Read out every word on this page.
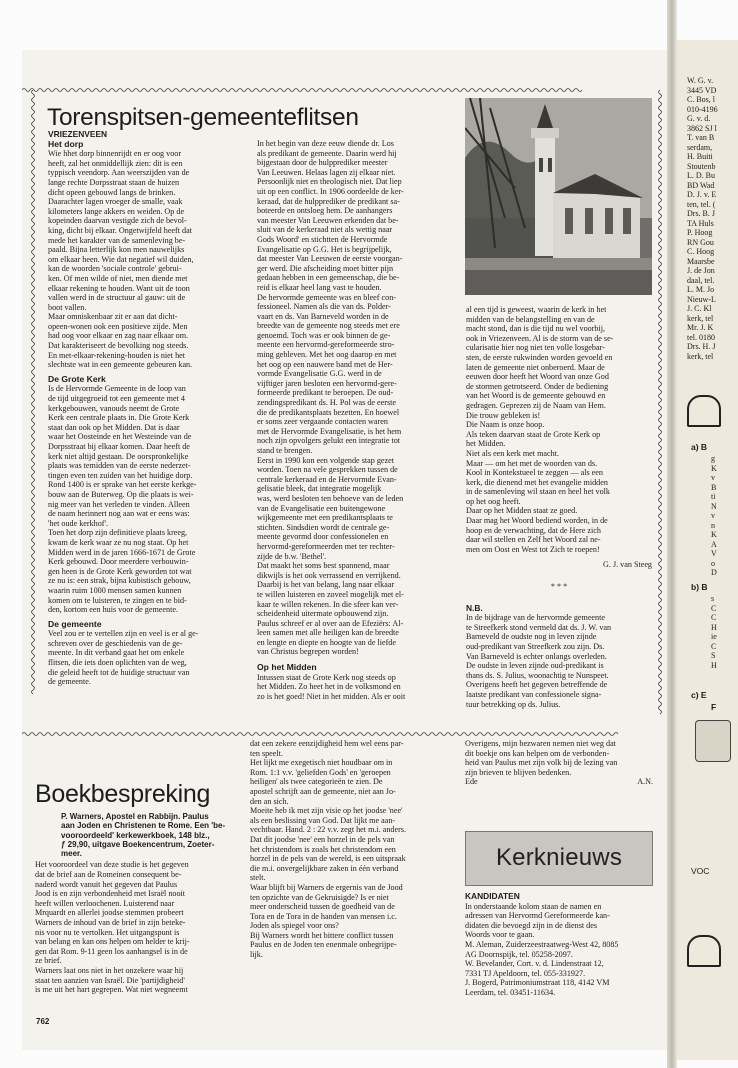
Torenspitsen-gemeenteflitsen
VRIEZENVEEN
Het dorp
Wie hhet dorp binnenrijdt en er oog voor
heeft, zal het onmiddellijk zien: dit is een
typpisch veendorp. Aan weerszijden van de
lange rechte Dorpsstraat staan de huizen
dicht opeen gebouwd langs de brinken.
Daarachter lagen vroeger de smalle, vaak
kilometers lange akkers en weiden. Op de
kopeinden daarvan vestigde zich de bevol-
king, dicht bij elkaar. Ongetwijfeld heeft dat
mede het karakter van de samenleving be-
paald. Bijna letterlijk kon men nauwelijks
om elkaar heen. Wie dat negatief wil duiden,
kan de woorden 'sociale controle' gebrui-
ken. Of men wilde of niet, men diende met
elkaar rekening te houden. Want uit de toon
vallen werd in de structuur al gauw: uit de
boot vallen.
Maar omniskenbaar zit er aan dat dicht-
opeen-wonen ook een positieve zijde. Men
had oog voor elkaar en zag naar elkaar om.
Dat karakteriseert de bevolking nog steeds.
En met-elkaar-rekening-houden is niet het
slechtste wat in een gemeente gebeuren kan.
De Grote Kerk
Is de Hervormde Gemeente in de loop van
de tijd uitgegroeid tot een gemeente met 4
kerkgebouwen, vanouds neemt de Grote
Kerk een centrale plaats in. Die Grote Kerk
staat dan ook op het Midden. Dat is daar
waar het Oosteinde en het Westeinde van de
Dorpsstraat bij elkaar komen. Daar heeft de
kerk niet altijd gestaan. De oorspronkelijke
plaats was temidden van de eerste nederzet-
tingen even ten zuiden van het huidige dorp.
Rond 1400 is er sprake van het eerste kerkge-
bouw aan de Buterweg. Op die plaats is wei-
nig meer van het verleden te vinden. Alleen
de naam herinnert nog aan wat er eens was:
'het oude kerkhof'.
Toen het dorp zijn definitieve plaats kreeg,
kwam de kerk waar ze nu nog staat. Op het
Midden werd in de jaren 1666-1671 de Grote
Kerk gebouwd. Door meerdere verbouwin-
gen heen is de Grote Kerk geworden tot wat
ze nu is: een strak, bijna kubistisch gebouw,
waarin ruim 1000 mensen samen kunnen
komen om te luisteren, te zingen en te bid-
den, kortom een huis voor de gemeente.
De gemeente
Veel zou er te vertellen zijn en veel is er al ge-
schreven over de geschiedenis van de ge-
meente. In dit verband gaat het om enkele
flitsen, die iets doen oplichten van de weg,
die geleid heeft tot de huidige structuur van
de gemeente.
In het begin van deze eeuw diende dr. Los
als predikant de gemeente. Daarin werd hij
bijgestaan door de hulpprediker meester
Van Leeuwen. Helaas lagen zij elkaar niet.
Persoonlijk niet en theologisch niet. Dat liep
uit op een conflict. In 1906 oordeelde de ker-
keraad, dat de hulpprediker de predikant sa-
boteerde en ontsloeg hem. De aanhangers
van meester Van Leeuwen erkenden dat be-
sluit van de kerkeraad niet als wettig naar
Gods Woord' en stichtten de Hervormde
Evangelisatie op G.G. Het is begrijpelijk,
dat meester Van Leeuwen de eerste voorgan-
ger werd. Die afscheiding moet bitter pijn
gedaan hebben in een gemeenschap, die be-
reid is elkaar heel lang vast te houden.
De hervormde gemeente was en bleef con-
fessioneel. Namen als die van ds. Polder-
vaart en ds. Van Barneveld worden in de
breedte van de gemeente nog steeds met ere
genoemd. Toch was er ook binnen de ge-
meente een hervormd-gereformeerde stro-
ming gebleven. Met het oog daarop en met
het oog op een nauwere band met de Her-
vormde Evangelisatie G.G. werd in de
vijftiger jaren besloten een hervormd-gere-
formeerde predikant te beroepen. De oud-
zendingspredikant ds. H. Pol was de eerste
die de predikantsplaats bezetten. En hoewel
er soms zeer vergaande contacten waren
met de Hervormde Evangelisatie, is het hem
noch zijn opvolgers gelukt een integratie tot
stand te brengen.
Eerst in 1990 kon een volgende stap gezet
worden. Toen na vele gesprekken tussen de
centrale kerkeraad en de Hervormde Evan-
gelisatie bleek, dat integratie mogelijk
was, werd besloten ten behoeve van de leden
van de Evangelisatie een buitengewone
wijkgemeente met een predikantsplaats te
stichten. Sindsdien wordt de centrale ge-
meente gevormd door confessionelen en
hervormd-gereformeerden met ter rechter-
zijde de b.w. 'Bethel'.
Dat maakt het soms best spannend, maar
dikwijls is het ook verrassend en verrijkend.
Daarbij is het van belang, lang naar elkaar
te willen luisteren en zoveel mogelijk met el-
kaar te willen rekenen. In die sfeer kan ver-
scheidenheid uitermate opbouwend zijn.
Paulus schreef er al over aan de Efeziërs: Al-
leen samen met alle heiligen kan de breedte
en lengte en diepte en hoogte van de liefde
van Christus begrepen worden!
Op het Midden
Intussen staat de Grote Kerk nog steeds op
het Midden. Zo heet het in de volksmond en
zo is het goed! Niet in het midden. Als er ooit
al een tijd is geweest, waarin de kerk in het
midden van de belangstelling en van de
macht stond, dan is die tijd nu wel voorbij,
ook in Vriezenveen. Al is de storm van de se-
cularisatie hier nog niet ten volle losgebar-
sten, de eerste rukwinden worden gevoeld en
laten de gemeente niet onberoerd. Maar de
eeuwen door heeft het Woord van onze God
de stormen getrotseerd. Onder de bediening
van het Woord is de gemeente gebouwd en
gedragen. Geprezen zij de Naam van Hem.
Die trouw gebleken is!
Die Naam is onze hoop.
Als teken daarvan staat de Grote Kerk op
het Midden.
Niet als een kerk met macht.
Maar — om het met de woorden van ds.
Kool in Kontekstueel te zeggen — als een
kerk, die dienend met het evangelie midden
in de samenleving wil staan en heel het volk
op het oog heeft.
Daar op het Midden staat ze goed.
Daar mag het Woord bediend worden, in de
hoop en de verwachting, dat de Here zich
daar wil stellen en Zelf het Woord zal ne-
men om Oost en West tot Zich te roepen!

G. J. van Steeg

* * *

N.B.
In de bijdrage van de hervormde gemeente
te Streefkerk stond vermeld dat ds. J. W. van
Barneveld de oudste nog in leven zijnde
oud-predikant van Streefkerk zou zijn. Ds.
Van Barneveld is echter onlangs overleden.
De oudste in leven zijnde oud-predikant is
thans ds. S. Julius, woonachtig te Nunspeet.
Overigens heeft het gegeven betreffende de
laatste predikant van confessionele signa-
tuur betrekking op ds. Julius.
Boekbespreking
P. Warners, Apostel en Rabbijn. Paulus
aan Joden en Christenen te Rome. Een 'be-
vooroordeeld' kerkewerkboek, 148 blz.,
ƒ 29,90, uitgave Boekencentrum, Zoeter-
meer.
Het vooroordeel van deze studie is het gegeven
dat de brief aan de Romeinen consequent be-
naderd wordt vanuit het gegeven dat Paulus
Jood is en zijn verbondenheid met Israël nooit
heeft willen verloochenen. Luisterend naar
Mrquardt en allerlei joodse stemmen probeert
Warners de inhoud van de brief in zijn beteke-
nis voor nu te vertolken. Het uitgangspunt is
van belang en kan ons helpen om helder te krij-
gen dat Rom. 9-11 geen los aanhangsel is in de
ze brief.
Warners laat ons niet in het onzekere waar hij
staat ten aanzien van Israël. Die 'partijdigheid'
is me uit het hart gegrepen. Wat niet wegneemt
dat een zekere eenzijdigheid hem wel eens par-
ten speelt.
Het lijkt me exegetisch niet houdbaar om in
Rom. 1:1 v.v. 'geliefden Gods' en 'geroepen
heiligen' als twee categorieën te zien. De
apostel schrijft aan de gemeente, niet aan Jo-
den an sich.
Moeite heb ik met zijn visie op het joodse 'nee'
als een beslissing van God. Dat lijkt me aan-
vechtbaar. Hand. 2 : 22 v.v. zegt het m.i. anders.
Dat dit joodse 'nee' een horzel in de pels van
het christendom is zoals het christendom een
horzel in de pels van de wereld, is een uitspraak
die m.i. onvergelijkbare zaken in één verband
stelt.
Waar blijft bij Warners de ergernis van de Jood
ten opzichte van de Gekruisigde? Is er niet
meer onderscheid tussen de goedheid van de
Tora en de Tora in de handen van mensen i.c.
Joden als spiegel voor ons?
Bij Warners wordt het bittere conflict tussen
Paulus en de Joden ten enenmale onbegrijpe-
lijk.
Overigens, mijn bezwaren nemen niet weg dat
dit boekje ons kan helpen om de verbonden-
heid van Paulus met zijn volk bij de lezing van
zijn brieven te blijven bedenken.
Ede	A.N.
Kerknieuws
KANDIDATEN
In onderstaande kolom staan de namen en
adressen van Hervormd Gereformeerde kan-
didaten die bevoegd zijn in de dienst des
Woords voor te gaan.
M. Aleman, Zuiderzeestraatweg-West 42, 8085
AG Doornspijk, tel. 05258-2097.
W. Bevelander, Cort. v. d. Lindenstraat 12,
7331 TJ Apeldoorn, tel. 055-331927.
J. Bogerd, Patrimoniumstraat 118, 4142 VM
Leerdam, tel. 03451-11634.
762
W. G. v.
3445 VD
C. Bos, l
010-4196
G. v. d.
3862 SJ l
T. van B
serdam,
H. Buiti
Stoutenb
L. D. Bu
BD Wad
D. J. v. E
ten, tel. (
Drs. B. J
TA Huls
P. Hoog
RN Gou
C. Hoog
Maarsbe
J. de Jon
daal, tel.
L. M. Jo
Nieuw-L
J. C. Kl
kerk, tel
Mr. J. K
tel. 0180
Drs. H. J
kerk, tel
a) B
g
K
v
B
ti
N
v
n
K
A
V
o
D
b) B
s
C
C
H
ie
C
S
H
c) E
F
VOC
